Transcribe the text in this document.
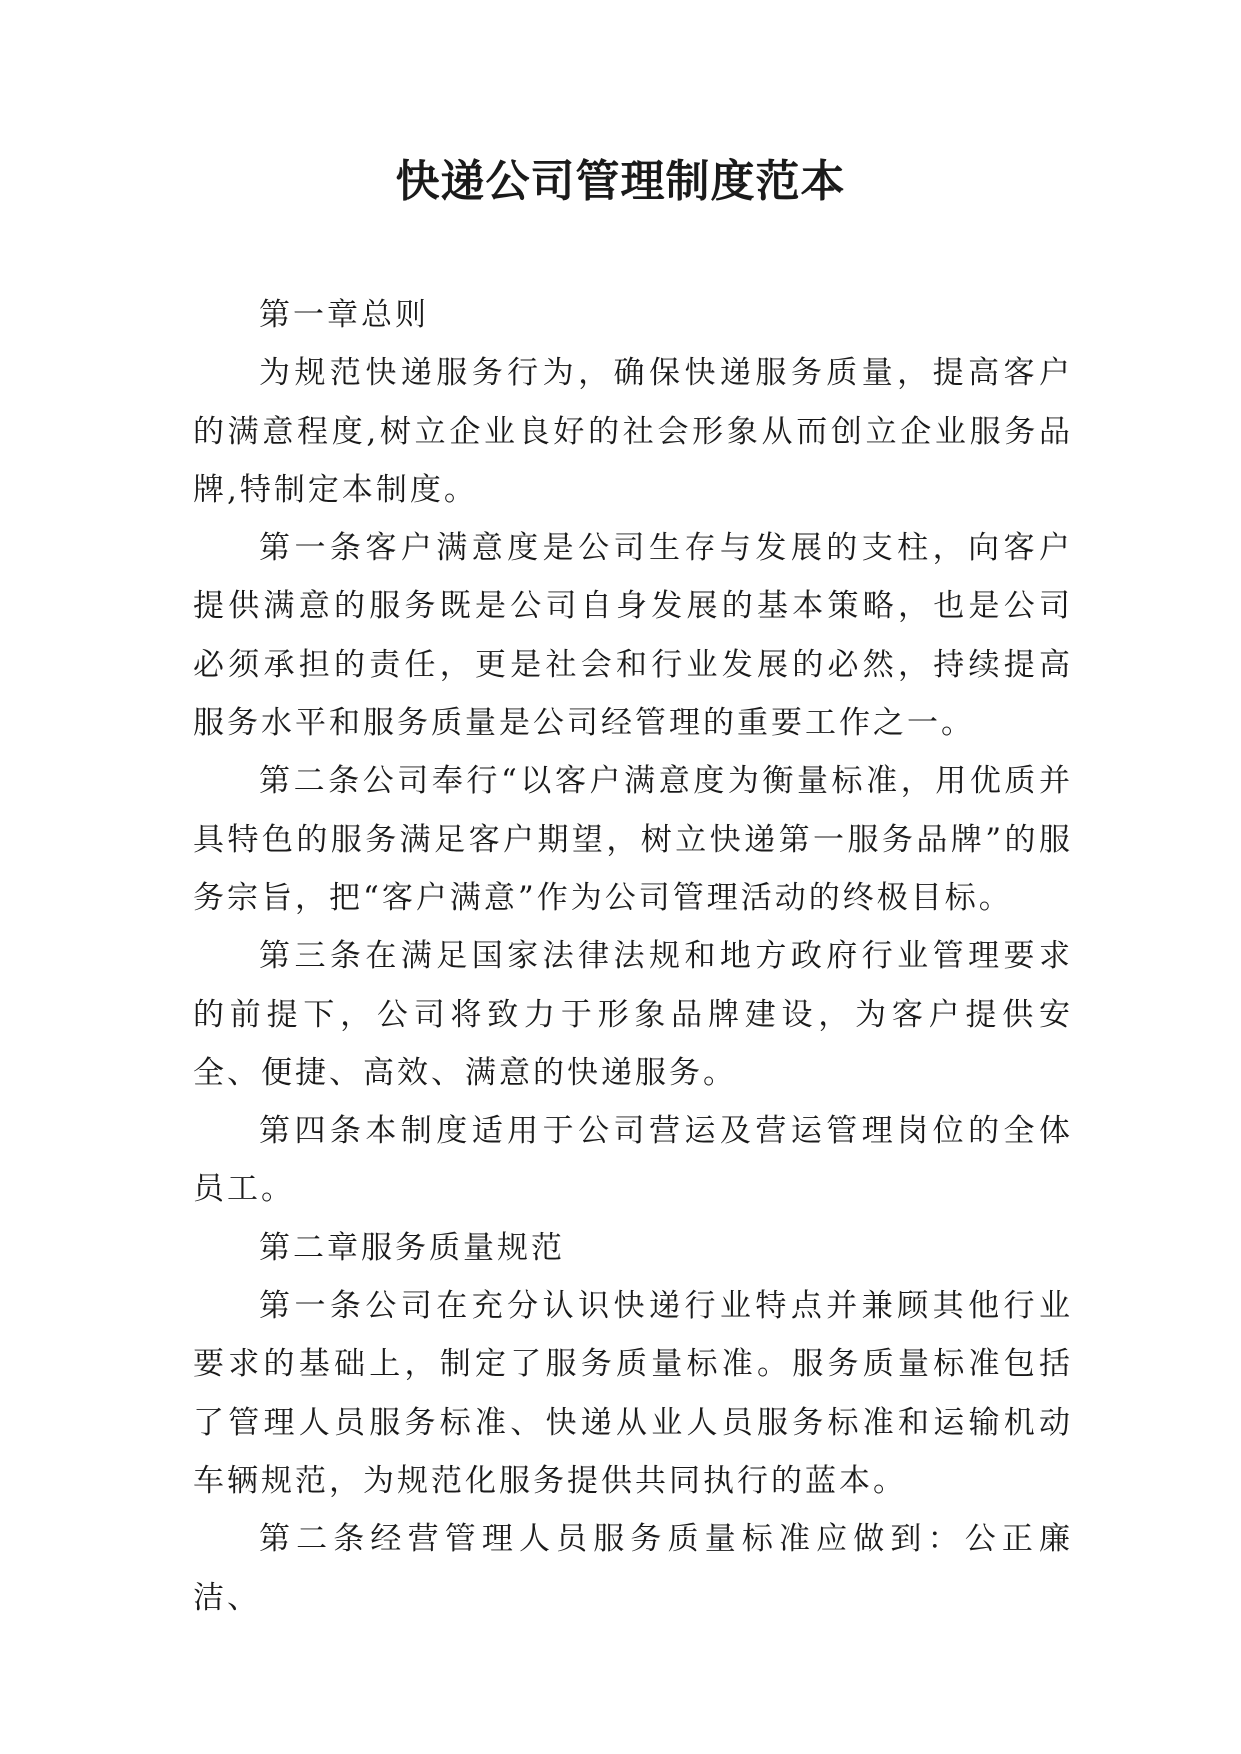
快递公司管理制度范本

第一章总则

为规范快递服务行为，确保快递服务质量，提高客户的满意程度,树立企业良好的社会形象从而创立企业服务品牌,特制定本制度。

第一条客户满意度是公司生存与发展的支柱，向客户提供满意的服务既是公司自身发展的基本策略，也是公司必须承担的责任，更是社会和行业发展的必然，持续提高服务水平和服务质量是公司经管理的重要工作之一。

第二条公司奉行“以客户满意度为衡量标准，用优质并具特色的服务满足客户期望，树立快递第一服务品牌”的服务宗旨，把“客户满意”作为公司管理活动的终极目标。

第三条在满足国家法律法规和地方政府行业管理要求的前提下，公司将致力于形象品牌建设，为客户提供安全、便捷、高效、满意的快递服务。

第四条本制度适用于公司营运及营运管理岗位的全体员工。

第二章服务质量规范

第一条公司在充分认识快递行业特点并兼顾其他行业要求的基础上，制定了服务质量标准。服务质量标准包括了管理人员服务标准、快递从业人员服务标准和运输机动车辆规范，为规范化服务提供共同执行的蓝本。

第二条经营管理人员服务质量标准应做到：公正廉洁、
